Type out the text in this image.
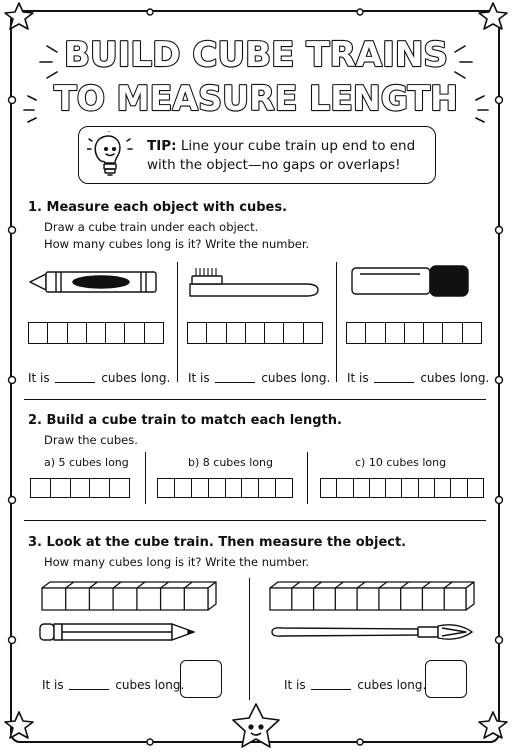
BUILD CUBE TRAINS
TO MEASURE LENGTH
TIP: Line your cube train up end to end with the object—no gaps or overlaps!
1. Measure each object with cubes.
Draw a cube train under each object.
How many cubes long is it? Write the number.
It is	cubes long. It is	cubes long. It is	cubes long.
2. Build a cube train to match each length.
Draw the cubes.
a) 5 cubes long	b) 8 cubes long	c) 10 cubes long
3. Look at the cube train. Then measure the object.
How many cubes long is it? Write the number.
It is	cubes long.	It is	cubes long.
